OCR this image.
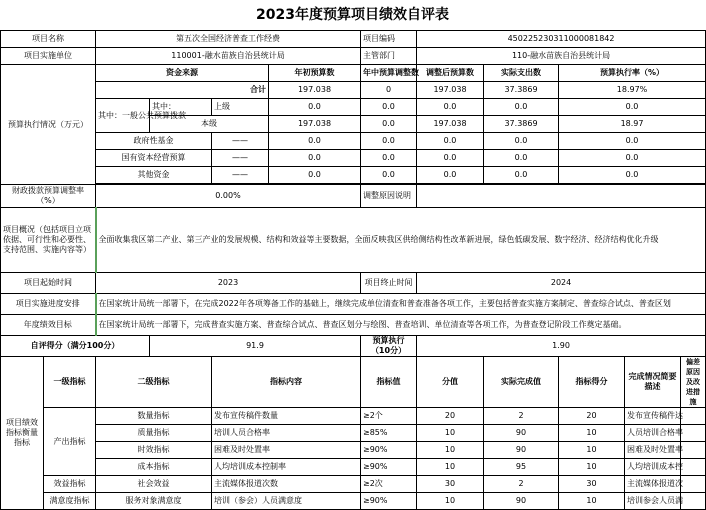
2023年度预算项目绩效自评表
项目名称		第五次全国经济普查工作经费				项目编码	450225230311000081842				
项目实施单位		110001-融水苗族自治县统计局				主管部门	110-融水苗族自治县统计局				
预算执行情况（万元）		资金来源			年初预算数	年中预算调整数	调整后预算数	实际支出数	预算执行率（%）		
		合计			197.038	0	197.038	37.3869	18.97%		
		其中：一般公共预算拨款	其中：	上级	0.0	0.0	0.0	0.0	0.0		
			本级		197.038	0.0	197.038	37.3869	18.97		
		政府性基金		——	0.0	0.0	0.0	0.0	0.0		
		国有资本经营预算		——	0.0	0.0	0.0	0.0	0.0		
		其他资金		——	0.0	0.0	0.0	0.0	0.0		

财政拨款预算调整率（%）		0.00%				调整原因说明					
项目概况（包括项目立项依据、可行性和必要性、支持范围、实施内容等）		全面收集我区第二产业、第三产业的发展规模、结构和效益等主要数据，全面反映我区供给侧结构性改革新进展，绿色低碳发展、数字经济、经济结构优化升级									
项目起始时间		2023				项目终止时间	2024				
项目实施进度安排		在国家统计局统一部署下，在完成2022年各项筹备工作的基础上，继续完成单位清查和普查准备各项工作，主要包括普查实施方案制定、普查综合试点、普查区划									
年度绩效目标		在国家统计局统一部署下，完成普查实施方案、普查综合试点、普查区划分与绘图、普查培训、单位清查等各项工作，为普查登记阶段工作奠定基础。									
自评得分（满分100分）			91.9			预算执行（10分）	1.90				
项目绩效指标衡量指标	一级指标	二级指标		指标内容		指标值	分值	实际完成值	指标得分	完成情况简要描述	偏差原因及改进措施
	产出指标	数量指标		发布宣传稿件数量		≥2个	20	2	20	发布宣传稿件达	
		质量指标		培训人员合格率		≥85%	10	90	10	人员培训合格率	
		时效指标		困难及时处置率		≥90%	10	90	10	困难及时处置率	
		成本指标		人均培训成本控制率		≥90%	10	95	10	人均培训成本控	
	效益指标	社会效益		主流媒体报道次数		≥2次	30	2	30	主流媒体报道次	
	满意度指标	服务对象满意度		培训（参会）人员满意度		≥90%	10	90	10	培训参会人员满	
